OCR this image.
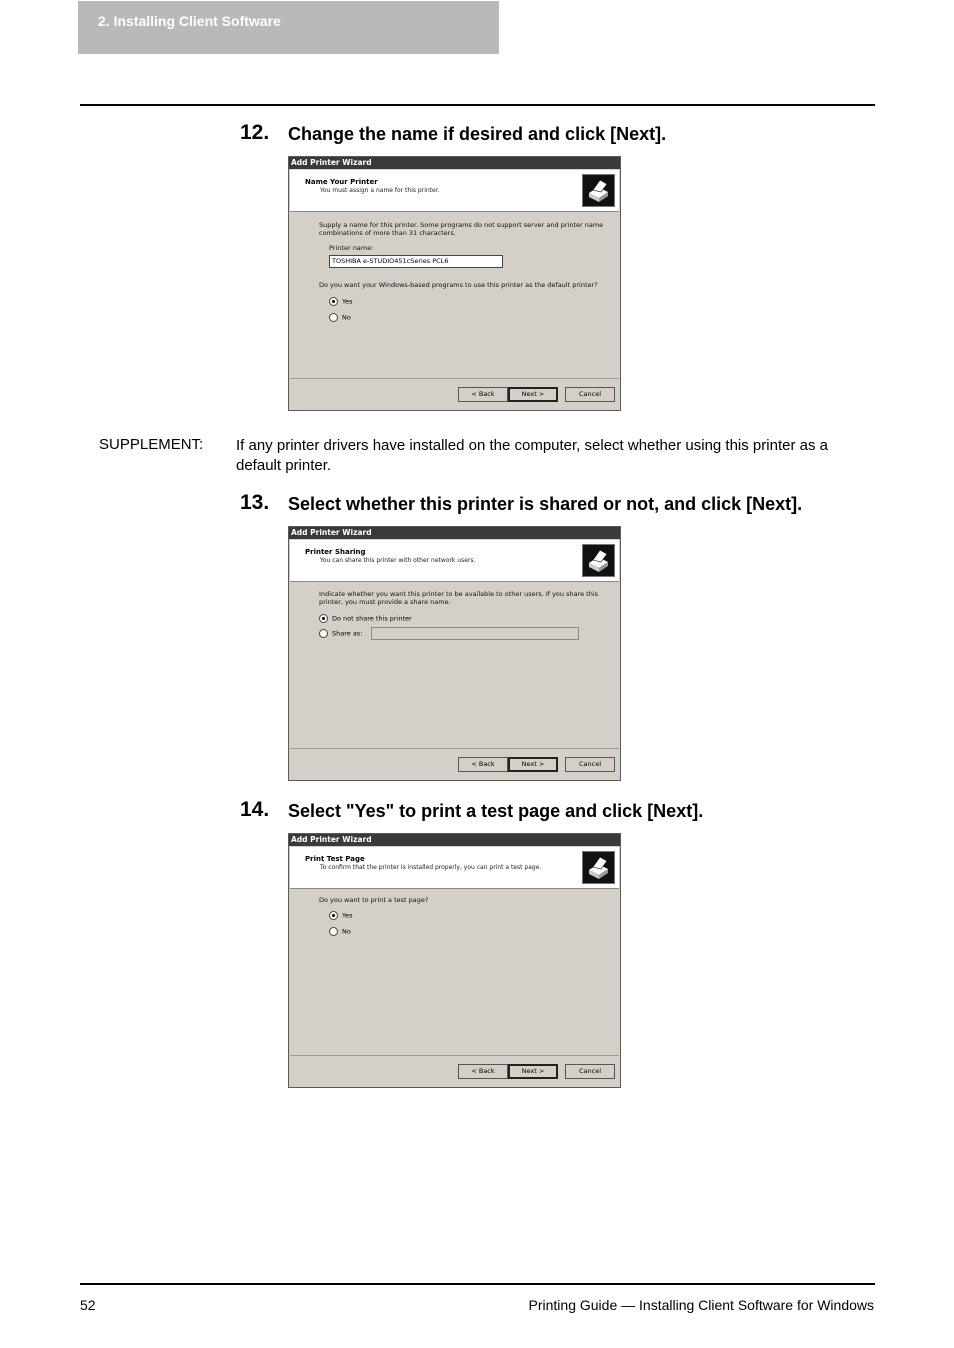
2. Installing Client Software
12. Change the name if desired and click [Next].
Add Printer Wizard
Name Your Printer
You must assign a name for this printer.
Supply a name for this printer. Some programs do not support server and printer name
combinations of more than 31 characters.
Printer name:
TOSHIBA e-STUDIO451cSeries PCL6
Do you want your Windows-based programs to use this printer as the default printer?
Yes
No
< Back	Next >	Cancel
SUPPLEMENT: If any printer drivers have installed on the computer, select whether using this printer as a default printer.
13. Select whether this printer is shared or not, and click [Next].
Add Printer Wizard
Printer Sharing
You can share this printer with other network users.
Indicate whether you want this printer to be available to other users. If you share this
printer, you must provide a share name.
Do not share this printer
Share as:
< Back	Next >	Cancel
14. Select "Yes" to print a test page and click [Next].
Add Printer Wizard
Print Test Page
To confirm that the printer is installed properly, you can print a test page.
Do you want to print a test page?
Yes
No
< Back	Next >	Cancel
52	Printing Guide — Installing Client Software for Windows
